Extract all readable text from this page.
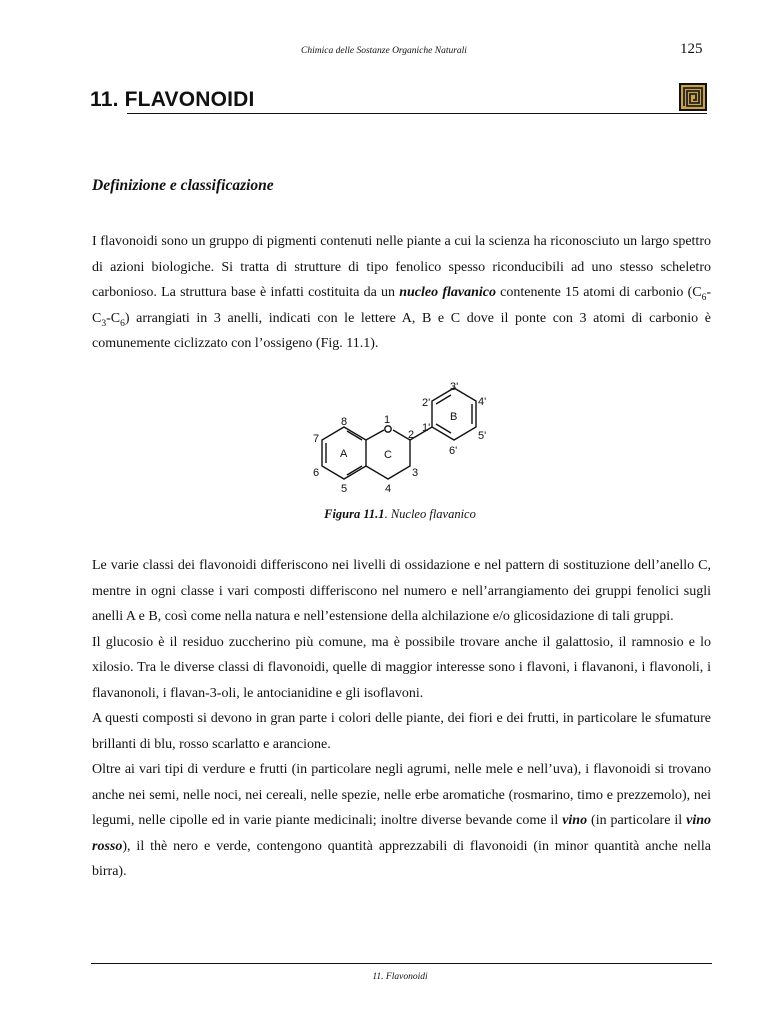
Chimica delle Sostanze Organiche Naturali	125
11. FLAVONOIDI
Definizione e classificazione

I flavonoidi sono un gruppo di pigmenti contenuti nelle piante a cui la scienza ha riconosciuto un largo spettro di azioni biologiche. Si tratta di strutture di tipo fenolico spesso riconducibili ad uno stesso scheletro carbonioso. La struttura base è infatti costituita da un nucleo flavanico contenente 15 atomi di carbonio $(C_6-C_3-C_6)$ arrangiati in 3 anelli, indicati con le lettere A, B e C dove il ponte con 3 atomi di carbonio è comunemente ciclizzato con l’ossigeno (Fig. 11.1).

1
2
3
4
5
6
7
8	1'
2'
3'
4'
5'
6'
A
B
C
Figura 11.1. Nucleo flavanico
Le varie classi dei flavonoidi differiscono nei livelli di ossidazione e nel pattern di sostituzione dell’anello C, mentre in ogni classe i vari composti differiscono nel numero e nell’arrangiamento dei gruppi fenolici sugli anelli A e B, così come nella natura e nell’estensione della alchilazione e/o glicosidazione di tali gruppi.
Il glucosio è il residuo zuccherino più comune, ma è possibile trovare anche il galattosio, il ramnosio e lo xilosio. Tra le diverse classi di flavonoidi, quelle di maggior interesse sono i flavoni, i flavanoni, i flavonoli, i flavanonoli, i flavan-3-oli, le antocianidine e gli isoflavoni.
A questi composti si devono in gran parte i colori delle piante, dei fiori e dei frutti, in particolare le sfumature brillanti di blu, rosso scarlatto e arancione.
Oltre ai vari tipi di verdure e frutti (in particolare negli agrumi, nelle mele e nell’uva), i flavonoidi si trovano anche nei semi, nelle noci, nei cereali, nelle spezie, nelle erbe aromatiche (rosmarino, timo e prezzemolo), nei legumi, nelle cipolle ed in varie piante medicinali; inoltre diverse bevande come il vino (in particolare il vino rosso), il thè nero e verde, contengono quantità apprezzabili di flavonoidi (in minor quantità anche nella birra).
11. Flavonoidi
